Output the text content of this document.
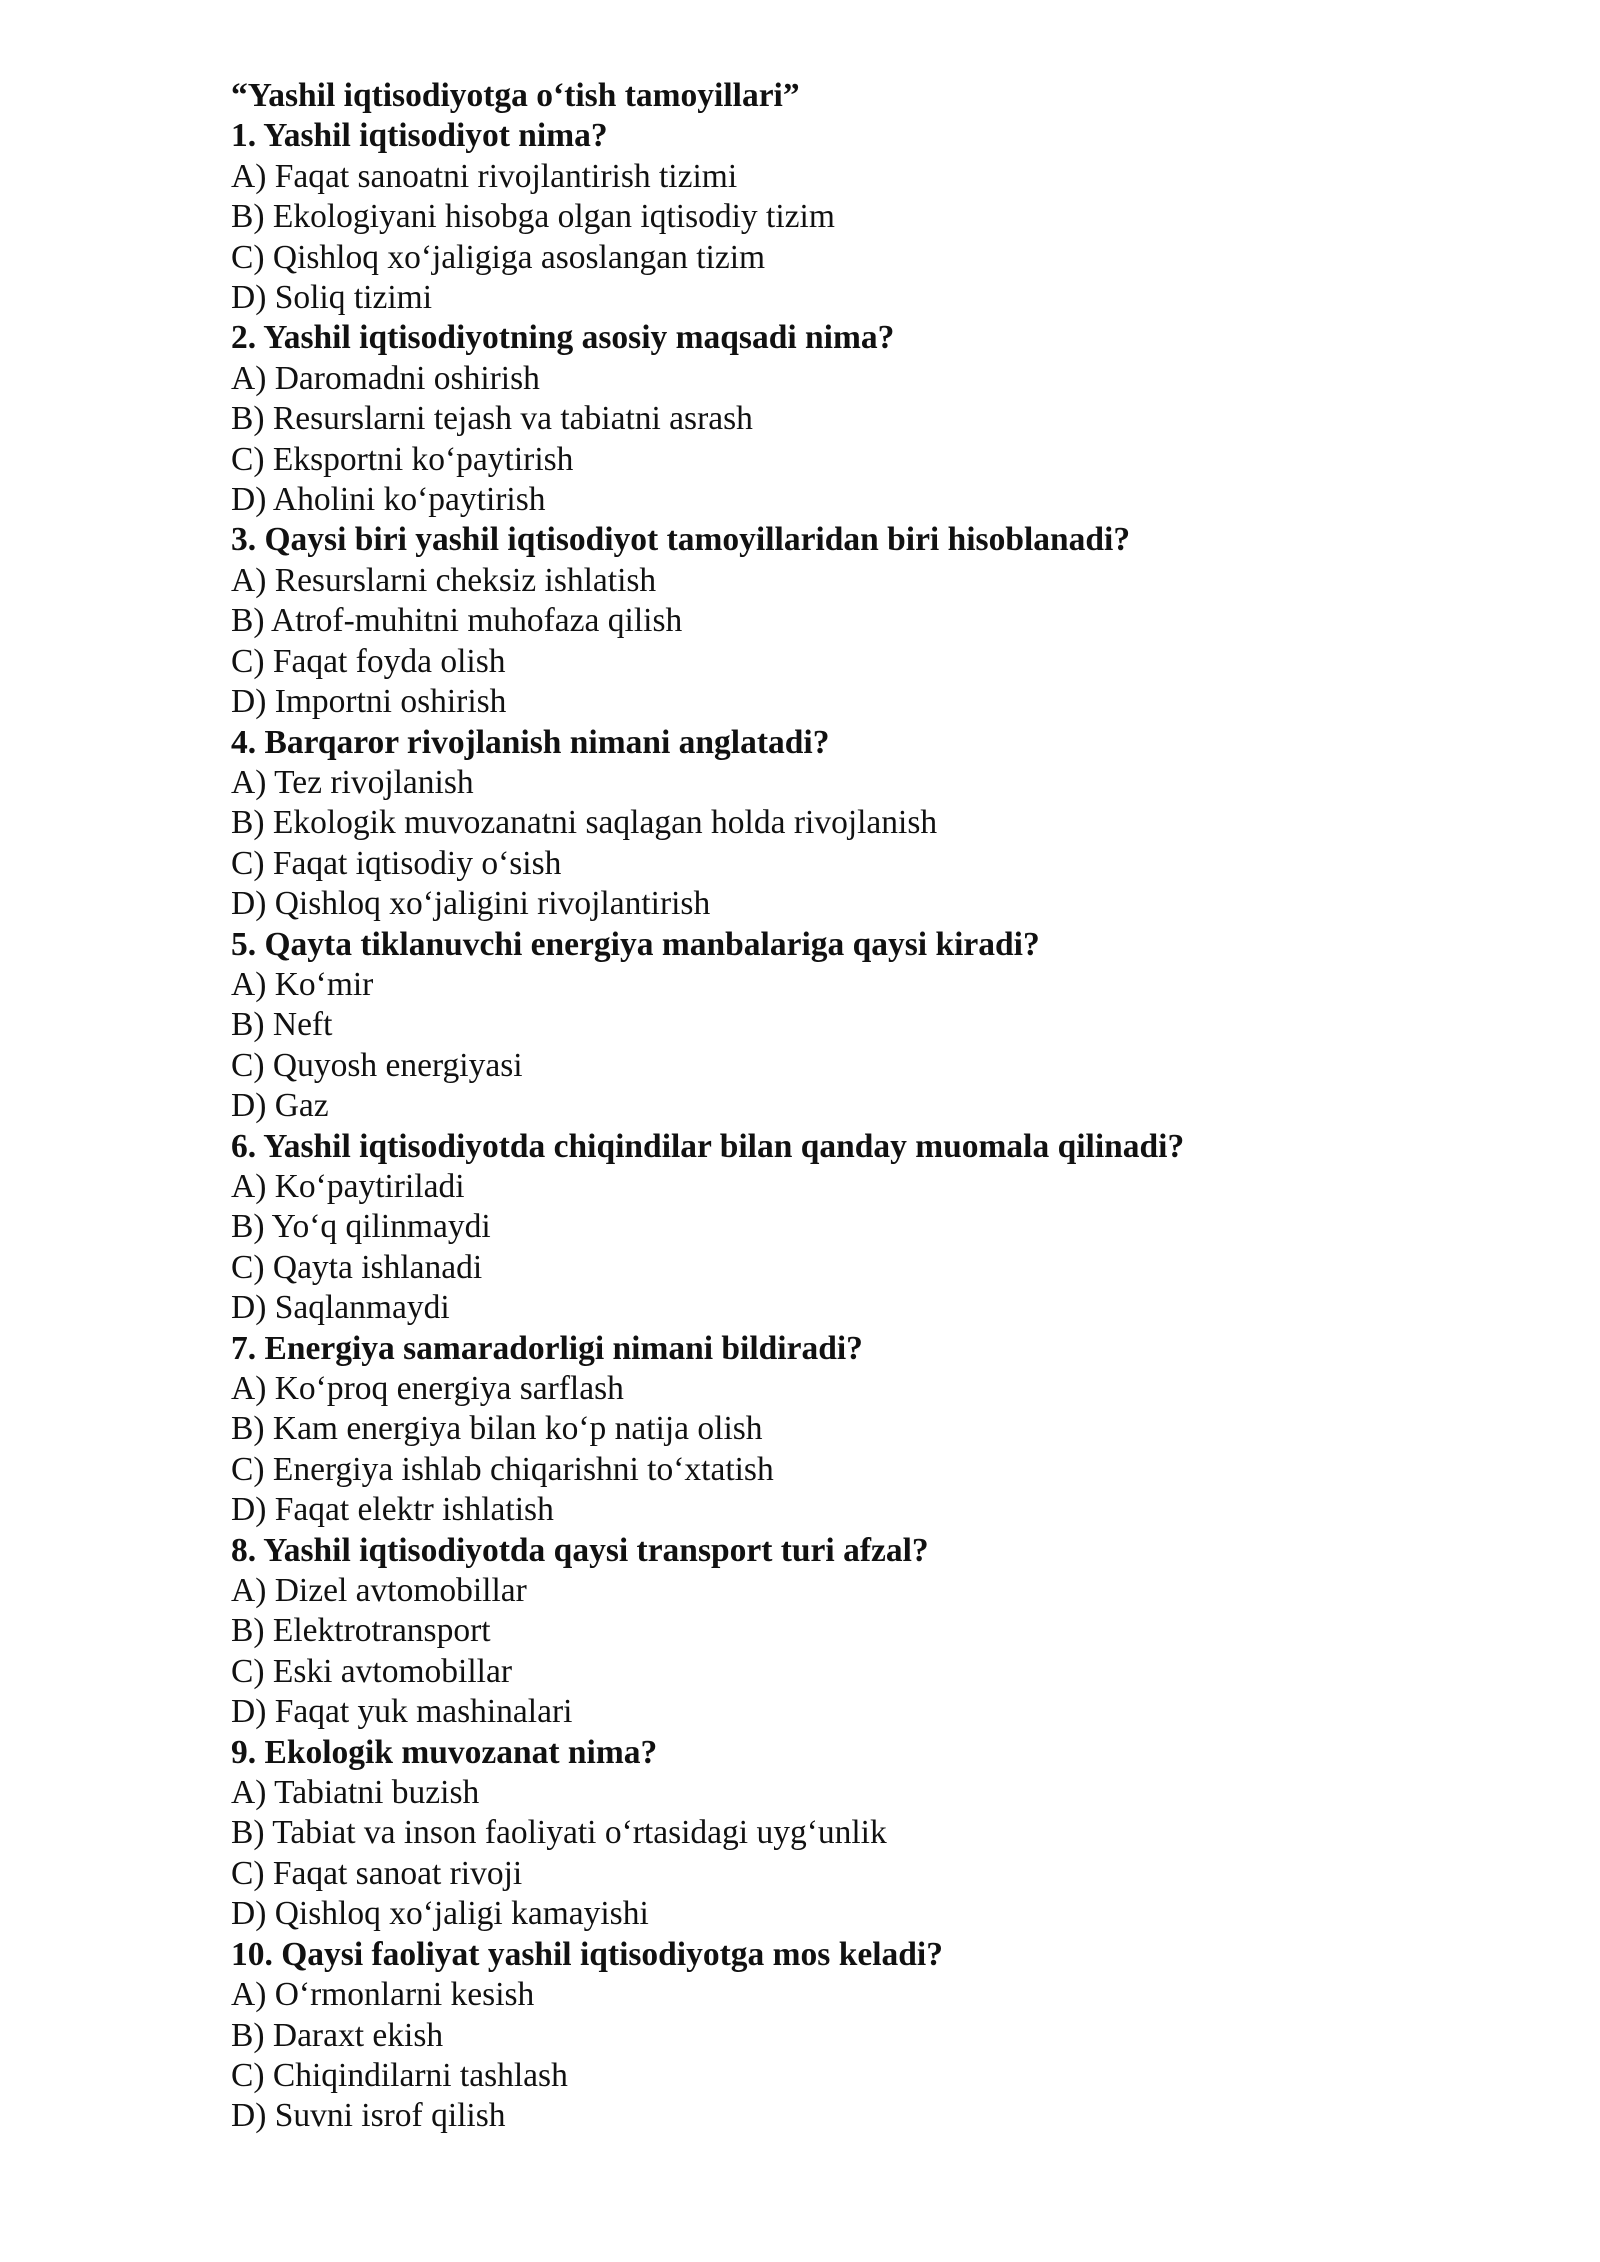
“Yashil iqtisodiyotga o‘tish tamoyillari”
1. Yashil iqtisodiyot nima?
A) Faqat sanoatni rivojlantirish tizimi
B) Ekologiyani hisobga olgan iqtisodiy tizim
C) Qishloq xo‘jaligiga asoslangan tizim
D) Soliq tizimi
2. Yashil iqtisodiyotning asosiy maqsadi nima?
A) Daromadni oshirish
B) Resurslarni tejash va tabiatni asrash
C) Eksportni ko‘paytirish
D) Aholini ko‘paytirish
3. Qaysi biri yashil iqtisodiyot tamoyillaridan biri hisoblanadi?
A) Resurslarni cheksiz ishlatish
B) Atrof-muhitni muhofaza qilish
C) Faqat foyda olish
D) Importni oshirish
4. Barqaror rivojlanish nimani anglatadi?
A) Tez rivojlanish
B) Ekologik muvozanatni saqlagan holda rivojlanish
C) Faqat iqtisodiy o‘sish
D) Qishloq xo‘jaligini rivojlantirish
5. Qayta tiklanuvchi energiya manbalariga qaysi kiradi?
A) Ko‘mir
B) Neft
C) Quyosh energiyasi
D) Gaz
6. Yashil iqtisodiyotda chiqindilar bilan qanday muomala qilinadi?
A) Ko‘paytiriladi
B) Yo‘q qilinmaydi
C) Qayta ishlanadi
D) Saqlanmaydi
7. Energiya samaradorligi nimani bildiradi?
A) Ko‘proq energiya sarflash
B) Kam energiya bilan ko‘p natija olish
C) Energiya ishlab chiqarishni to‘xtatish
D) Faqat elektr ishlatish
8. Yashil iqtisodiyotda qaysi transport turi afzal?
A) Dizel avtomobillar
B) Elektrotransport
C) Eski avtomobillar
D) Faqat yuk mashinalari
9. Ekologik muvozanat nima?
A) Tabiatni buzish
B) Tabiat va inson faoliyati o‘rtasidagi uyg‘unlik
C) Faqat sanoat rivoji
D) Qishloq xo‘jaligi kamayishi
10. Qaysi faoliyat yashil iqtisodiyotga mos keladi?
A) O‘rmonlarni kesish
B) Daraxt ekish
C) Chiqindilarni tashlash
D) Suvni isrof qilish
